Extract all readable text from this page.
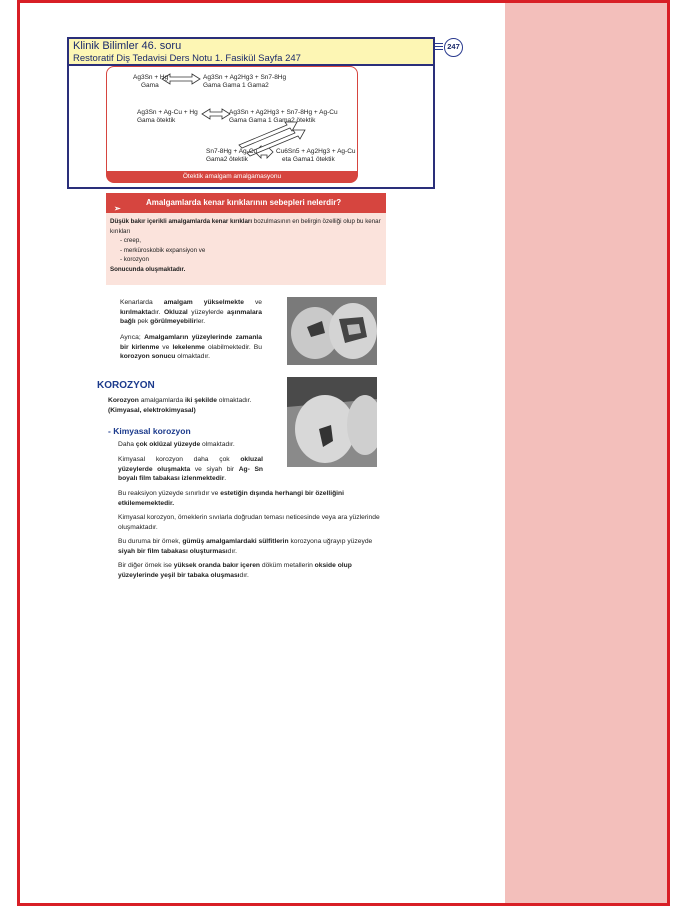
Klinik Bilimler 46. soru
Restoratif Diş Tedavisi Ders Notu 1. Fasikül Sayfa 247
247
Ag3Sn + Hg
Gama
Ag3Sn + Ag2Hg3 + Sn7-8Hg
Gama Gama 1 Gama2
Ag3Sn + Ag-Cu + Hg
Gama ötektik
Ag3Sn + Ag2Hg3 + Sn7-8Hg + Ag-Cu
Gama Gama 1 Gama2 ötektik
Sn7-8Hg + Ag-Cu
Gama2 ötektik
Cu6Sn5 + Ag2Hg3 + Ag-Cu
eta Gama1 ötektik
Ötektik amalgam amalgamasyonu
➢
Amalgamlarda kenar kırıklarının sebepleri nelerdir?
Düşük bakır içerikli amalgamlarda kenar kırıkları bozulmasının en belirgin özelliği olup bu kenar kırıkları
- creep,
- merküroskobik expansiyon ve
- korozyon
Sonucunda oluşmaktadır.
Kenarlarda amalgam yükselmekte ve kırılmaktadır. Okluzal yüzeylerde aşınmalara bağlı pek görülmeyebilirler.
Ayrıca; Amalgamların yüzeylerinde zamanla bir kirlenme ve lekelenme olabilmektedir. Bu korozyon sonucu olmaktadır.
KOROZYON
Korozyon amalgamlarda iki şekilde olmaktadır.
(Kimyasal, elektrokimyasal)
- Kimyasal korozyon
Daha çok oklüzal yüzeyde olmaktadır.
Kimyasal korozyon daha çok okluzal yüzeylerde oluşmakta ve siyah bir Ag- Sn boyalı film tabakası izlenmektedir.
Bu reaksiyon yüzeyde sınırlıdır ve estetiğin dışında herhangi bir özelliğini etkilememektedir.
Kimyasal korozyon, örneklerin sıvılarla doğrudan teması neticesinde veya ara yüzlerinde oluşmaktadır.
Bu duruma bir örnek, gümüş amalgamlardaki sülfitlerin korozyona uğrayıp yüzeyde siyah bir film tabakası oluşturmasıdır.
Bir diğer örnek ise yüksek oranda bakır içeren döküm metallerin okside olup yüzeylerinde yeşil bir tabaka oluşmasıdır.
